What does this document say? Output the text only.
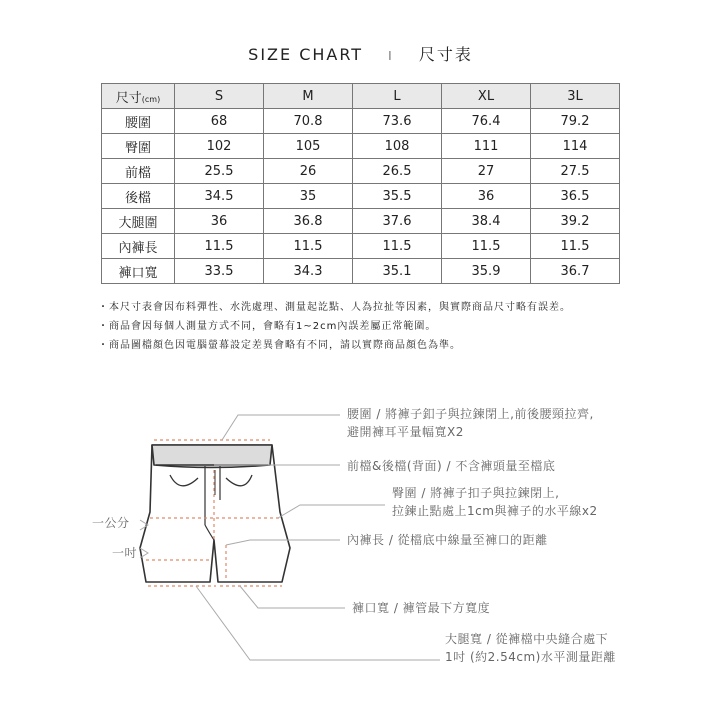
SIZE CHART I 尺寸表
尺寸(cm)	S	M	L	XL	3L
腰圍	68	70.8	73.6	76.4	79.2
臀圍	102	105	108	111	114
前檔	25.5	26	26.5	27	27.5
後檔	34.5	35	35.5	36	36.5
大腿圍	36	36.8	37.6	38.4	39.2
內褲長	11.5	11.5	11.5	11.5	11.5
褲口寬	33.5	34.3	35.1	35.9	36.7
・本尺寸表會因布料彈性、水洗處理、測量起訖點、人為拉扯等因素，與實際商品尺寸略有誤差。
・商品會因每個人測量方式不同，會略有1~2cm內誤差屬正常範圍。
・商品圖檔顏色因電腦螢幕設定差異會略有不同，請以實際商品顏色為準。
一公分
一吋
腰圍 / 將褲子釦子與拉鍊閉上,前後腰頸拉齊,
避開褲耳平量幅寬X2
前檔&後檔(背面) / 不含褲頭量至檔底
臀圍 / 將褲子扣子與拉鍊閉上,
拉鍊止點處上1cm與褲子的水平線x2
內褲長 / 從檔底中線量至褲口的距離
褲口寬 / 褲管最下方寬度
大腿寬 / 從褲檔中央縫合處下
1吋 (約2.54cm)水平測量距離
